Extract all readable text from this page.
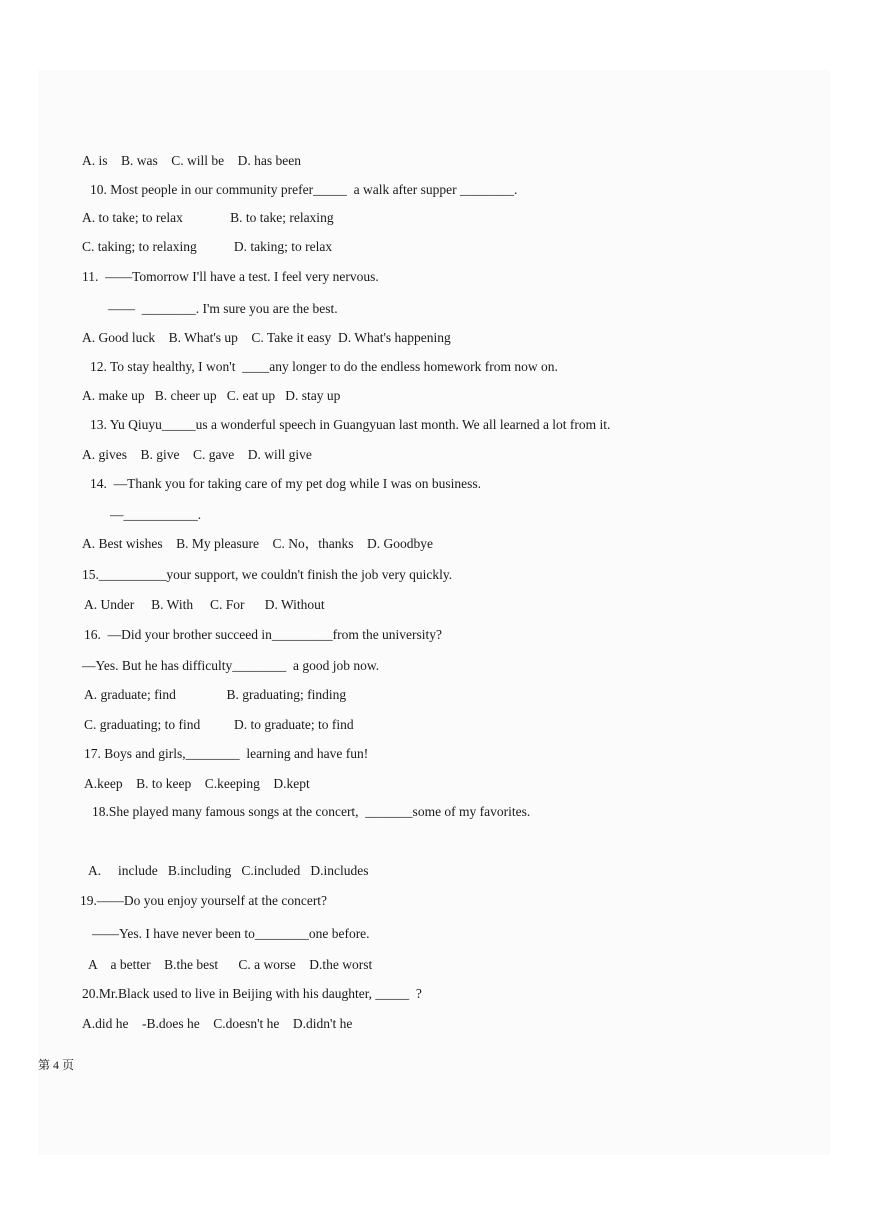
A. is    B. was    C. will be    D. has been
10. Most people in our community prefer_____  a walk after supper ________.
A. to take; to relax              B. to take; relaxing
C. taking; to relaxing           D. taking; to relax
11.  ——Tomorrow I'll have a test. I feel very nervous.
——  ________. I'm sure you are the best.
A. Good luck    B. What's up    C. Take it easy  D. What's happening
12. To stay healthy, I won't  ____any longer to do the endless homework from now on.
A. make up   B. cheer up   C. eat up   D. stay up
13. Yu Qiuyu_____us a wonderful speech in Guangyuan last month. We all learned a lot from it.
A. gives    B. give    C. gave    D. will give
14.  —Thank you for taking care of my pet dog while I was on business.
—___________.
A. Best wishes    B. My pleasure    C. No，thanks    D. Goodbye
15.__________your support, we couldn't finish the job very quickly.
A. Under     B. With     C. For      D. Without
16.  —Did your brother succeed in_________from the university?
—Yes. But he has difficulty________  a good job now.
A. graduate; find               B. graduating; finding
C. graduating; to find          D. to graduate; to find
17. Boys and girls,________  learning and have fun!
A.keep    B. to keep    C.keeping    D.kept
18.She played many famous songs at the concert,  _______some of my favorites.
A.     include   B.including   C.included   D.includes
19.——Do you enjoy yourself at the concert?
——Yes. I have never been to________one before.
A    a better    B.the best      C. a worse    D.the worst
20.Mr.Black used to live in Beijing with his daughter, _____  ?
A.did he    -B.does he    C.doesn't he    D.didn't he
第 4 页
